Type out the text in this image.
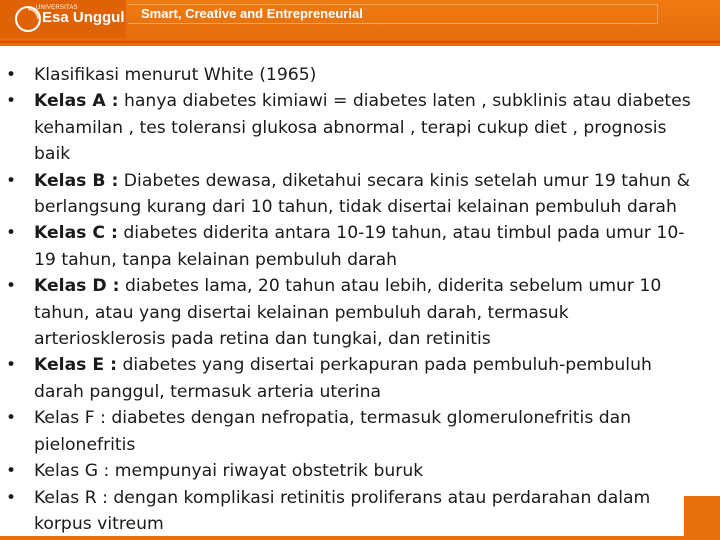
UNIVERSITAS
Esa Unggul Smart, Creative and Entrepreneurial
• Klasifikasi menurut White (1965)
• Kelas A : hanya diabetes kimiawi = diabetes laten , subklinis atau diabetes kehamilan , tes toleransi glukosa abnormal , terapi cukup diet , prognosis baik
• Kelas B : Diabetes dewasa, diketahui secara kinis setelah umur 19 tahun & berlangsung kurang dari 10 tahun, tidak disertai kelainan pembuluh darah
• Kelas C : diabetes diderita antara 10-19 tahun, atau timbul pada umur 10-19 tahun, tanpa kelainan pembuluh darah
• Kelas D : diabetes lama, 20 tahun atau lebih, diderita sebelum umur 10 tahun, atau yang disertai kelainan pembuluh darah, termasuk arteriosklerosis pada retina dan tungkai, dan retinitis
• Kelas E : diabetes yang disertai perkapuran pada pembuluh-pembuluh darah panggul, termasuk arteria uterina
• Kelas F : diabetes dengan nefropatia, termasuk glomerulonefritis dan pielonefritis
• Kelas G : mempunyai riwayat obstetrik buruk
• Kelas R : dengan komplikasi retinitis proliferans atau perdarahan dalam korpus vitreum
